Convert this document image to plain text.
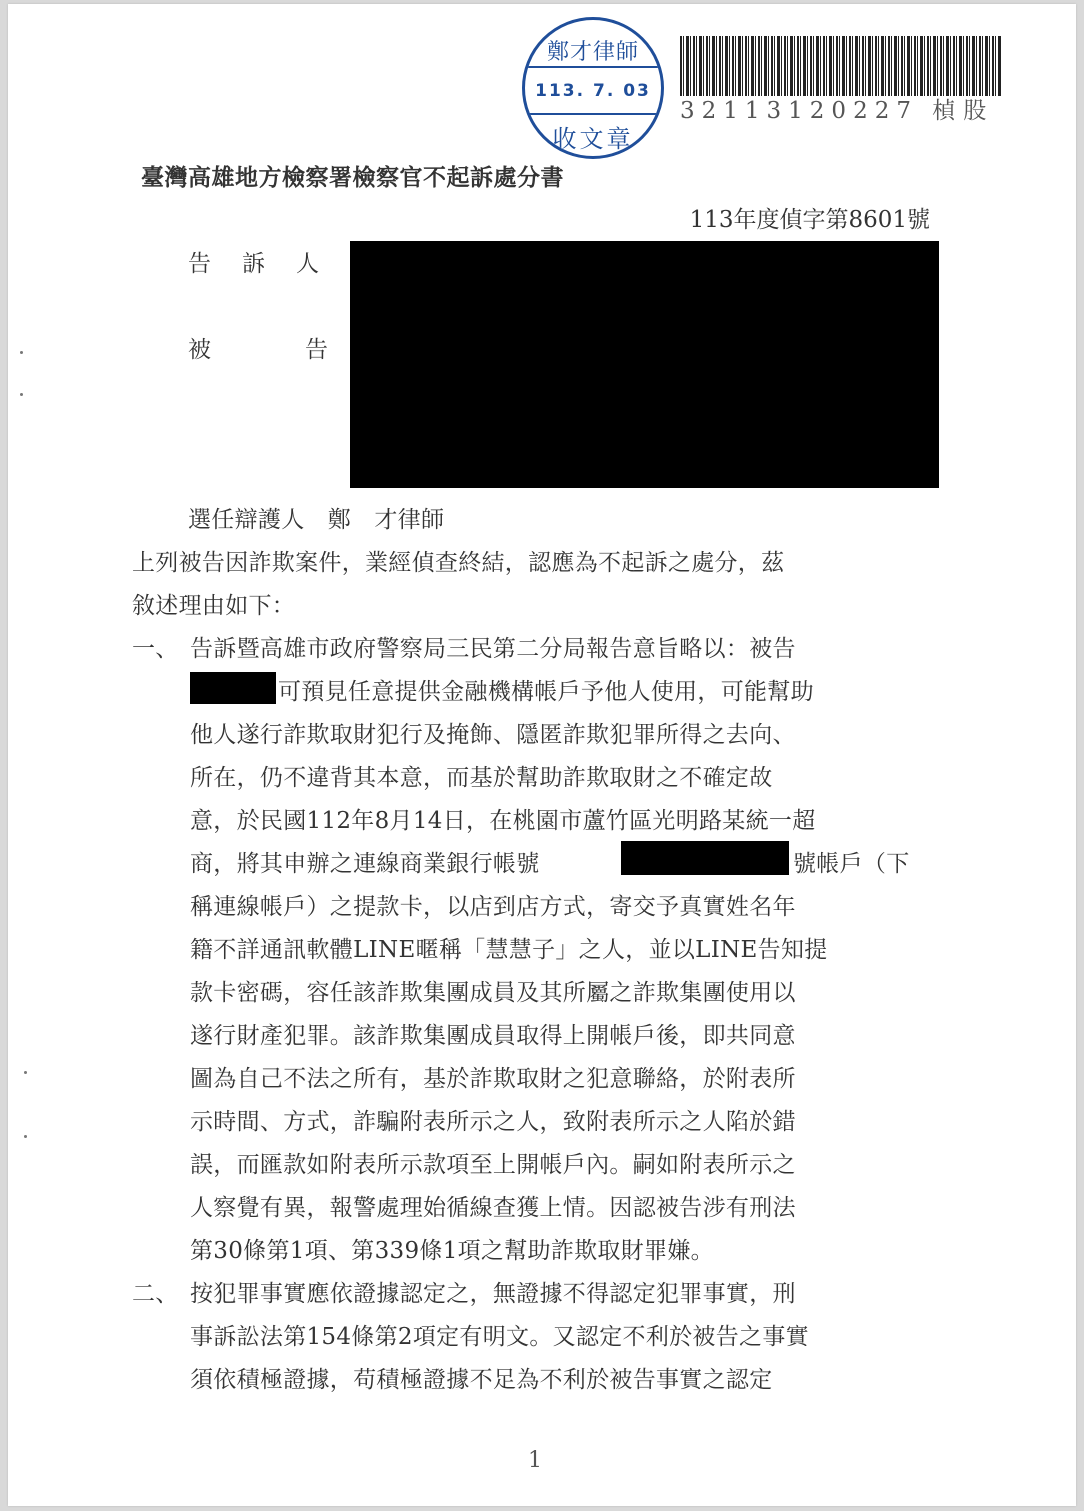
鄭才律師
113. 7. 03
收文章
32113120227 楨股
臺灣高雄地方檢察署檢察官不起訴處分書
113年度偵字第8601號
告　訴　人
被	告
選任辯護人　鄭　才律師
上列被告因詐欺案件，業經偵查終結，認應為不起訴之處分，茲
敘述理由如下：
一、 告訴暨高雄市政府警察局三民第二分局報告意旨略以：被告
可預見任意提供金融機構帳戶予他人使用，可能幫助
他人遂行詐欺取財犯行及掩飾、隱匿詐欺犯罪所得之去向、
所在，仍不違背其本意，而基於幫助詐欺取財之不確定故
意，於民國112年8月14日，在桃園市蘆竹區光明路某統一超
商，將其申辦之連線商業銀行帳號	號帳戶（下
稱連線帳戶）之提款卡，以店到店方式，寄交予真實姓名年
籍不詳通訊軟體LINE暱稱「慧慧子」之人，並以LINE告知提
款卡密碼，容任該詐欺集團成員及其所屬之詐欺集團使用以
遂行財產犯罪。該詐欺集團成員取得上開帳戶後，即共同意
圖為自己不法之所有，基於詐欺取財之犯意聯絡，於附表所
示時間、方式，詐騙附表所示之人，致附表所示之人陷於錯
誤，而匯款如附表所示款項至上開帳戶內。嗣如附表所示之
人察覺有異，報警處理始循線查獲上情。因認被告涉有刑法
第30條第1項、第339條1項之幫助詐欺取財罪嫌。
二、 按犯罪事實應依證據認定之，無證據不得認定犯罪事實，刑
事訴訟法第154條第2項定有明文。又認定不利於被告之事實
須依積極證據，苟積極證據不足為不利於被告事實之認定
1
